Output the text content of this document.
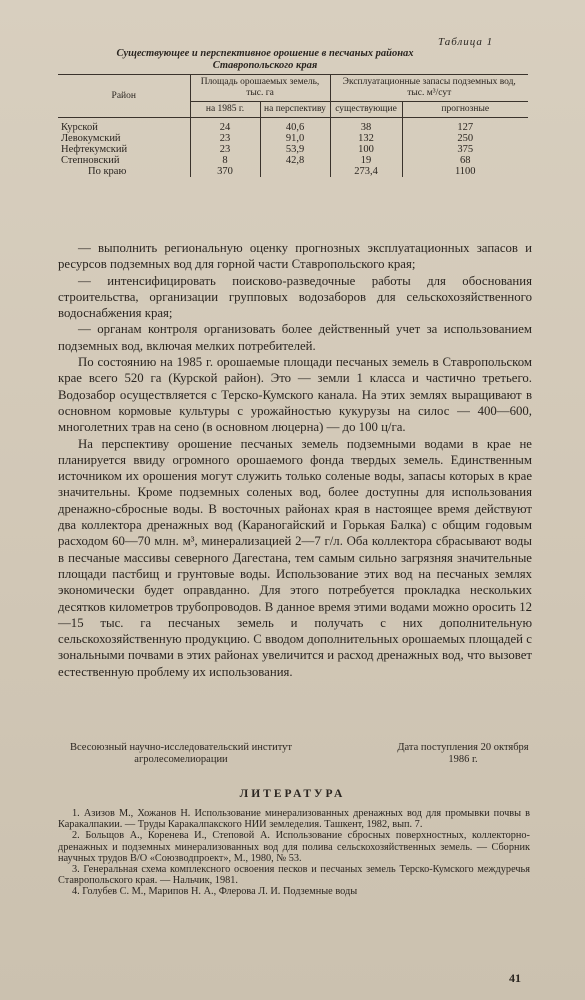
Таблица 1
Существующее и перспективное орошение в песчаных районах Ставропольского края
Район	Площадь орошаемых земель, тыс. га		Эксплуатационные запасы подземных вод, тыс. м³/сут	
	на 1985 г.	на перспективу	существующие	прогнозные
Курской	24	40,6	38	127
Левокумский	23	91,0	132	250
Нефтекумский	23	53,9	100	375
Степновский	8	42,8	19	68
По краю	370		273,4	1100

— выполнить региональную оценку прогнозных эксплуатационных запасов и ресурсов подземных вод для горной части Ставропольского края;

— интенсифицировать поисково-разведочные работы для обоснования строительства, организации групповых водозаборов для сельскохозяйственного водоснабжения края;

— органам контроля организовать более действенный учет за использованием подземных вод, включая мелких потребителей.

По состоянию на 1985 г. орошаемые площади песчаных земель в Ставропольском крае всего 520 га (Курской район). Это — земли 1 класса и частично третьего. Водозабор осуществляется с Терско-Кумского канала. На этих землях выращивают в основном кормовые культуры с урожайностью кукурузы на силос — 400—600, многолетних трав на сено (в основном люцерна) — до 100 ц/га.

На перспективу орошение песчаных земель подземными водами в крае не планируется ввиду огромного орошаемого фонда твердых земель. Единственным источником их орошения могут служить только соленые воды, запасы которых в крае значительны. Кроме подземных соленых вод, более доступны для использования дренажно-сбросные воды. В восточных районах края в настоящее время действуют два коллектора дренажных вод (Караногайский и Горькая Балка) с общим годовым расходом 60—70 млн. м³, минерализацией 2—7 г/л. Оба коллектора сбрасывают воды в песчаные массивы северного Дагестана, тем самым сильно загрязняя значительные площади пастбищ и грунтовые воды. Использование этих вод на песчаных землях экономически будет оправданно. Для этого потребуется прокладка нескольких десятков километров трубопроводов. В данное время этими водами можно оросить 12—15 тыс. га песчаных земель и получать с них дополнительную сельскохозяйственную продукцию. С вводом дополнительных орошаемых площадей с зональными почвами в этих районах увеличится и расход дренажных вод, что вызовет естественную проблему их использования.

Всесоюзный научно-исследовательский институт агролесомелиорации
Дата поступления 20 октября 1986 г.
ЛИТЕРАТУРА

1. Азизов М., Хожанов Н. Использование минерализованных дренажных вод для промывки почвы в Каракалпакии. — Труды Каракалпакского НИИ земледелия. Ташкент, 1982, вып. 7.

2. Больщов А., Коренева И., Степовой А. Использование сбросных поверхностных, коллекторно-дренажных и подземных минерализованных вод для полива сельскохозяйственных земель. — Сборник научных трудов В/О «Союзводпроект», М., 1980, № 53.

3. Генеральная схема комплексного освоения песков и песчаных земель Терско-Кумского междуречья Ставропольского края. — Нальчик, 1981.

4. Голубев С. М., Марипов Н. А., Флерова Л. И. Подземные воды

41
